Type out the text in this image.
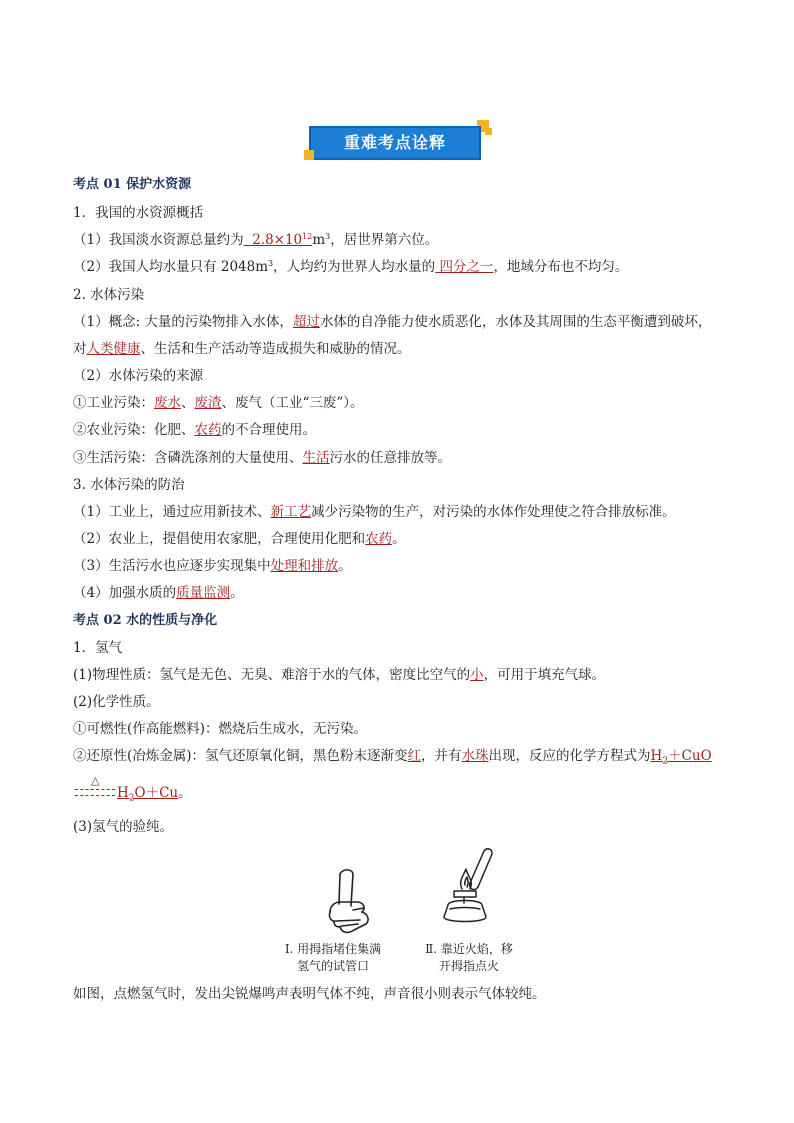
重难考点诠释
考点 01 保护水资源
1．我国的水资源概括
（1）我国淡水资源总量约为 $2.8\times 10^{12}m^3$，居世界第六位。
（2）我国人均水量只有 $2048m^3$，人均约为世界人均水量的 四分之一，地域分布也不均匀。
2. 水体污染
（1）概念: 大量的污染物排入水体，超过水体的自净能力使水质恶化，水体及其周围的生态平衡遭到破坏，
对人类健康、生活和生产活动等造成损失和威胁的情况。
（2）水体污染的来源
①工业污染：废水、废渣、废气（工业“三废”）。
②农业污染：化肥、农药的不合理使用。
③生活污染：含磷洗涤剂的大量使用、生活污水的任意排放等。
3. 水体污染的防治
（1）工业上，通过应用新技术、新工艺减少污染物的生产，对污染的水体作处理使之符合排放标准。
（2）农业上，提倡使用农家肥，合理使用化肥和农药。
（3）生活污水也应逐步实现集中处理和排放。
（4）加强水质的质量监测。
考点 02 水的性质与净化
1．氢气
(1)物理性质：氢气是无色、无臭、难溶于水的气体，密度比空气的小，可用于填充气球。
(2)化学性质。
①可燃性(作高能燃料)：燃烧后生成水，无污染。
②还原性(冶炼金属)：氢气还原氧化铜，黑色粉末逐渐变红，并有水珠出现，反应的化学方程式为$H_2+CuO$
△
$H_2O+Cu$。
(3)氢气的验纯。
I. 用拇指堵住集满
氢气的试管口
Ⅱ. 靠近火焰，移
开拇指点火
如图，点燃氢气时，发出尖锐爆鸣声表明气体不纯，声音很小则表示气体较纯。
